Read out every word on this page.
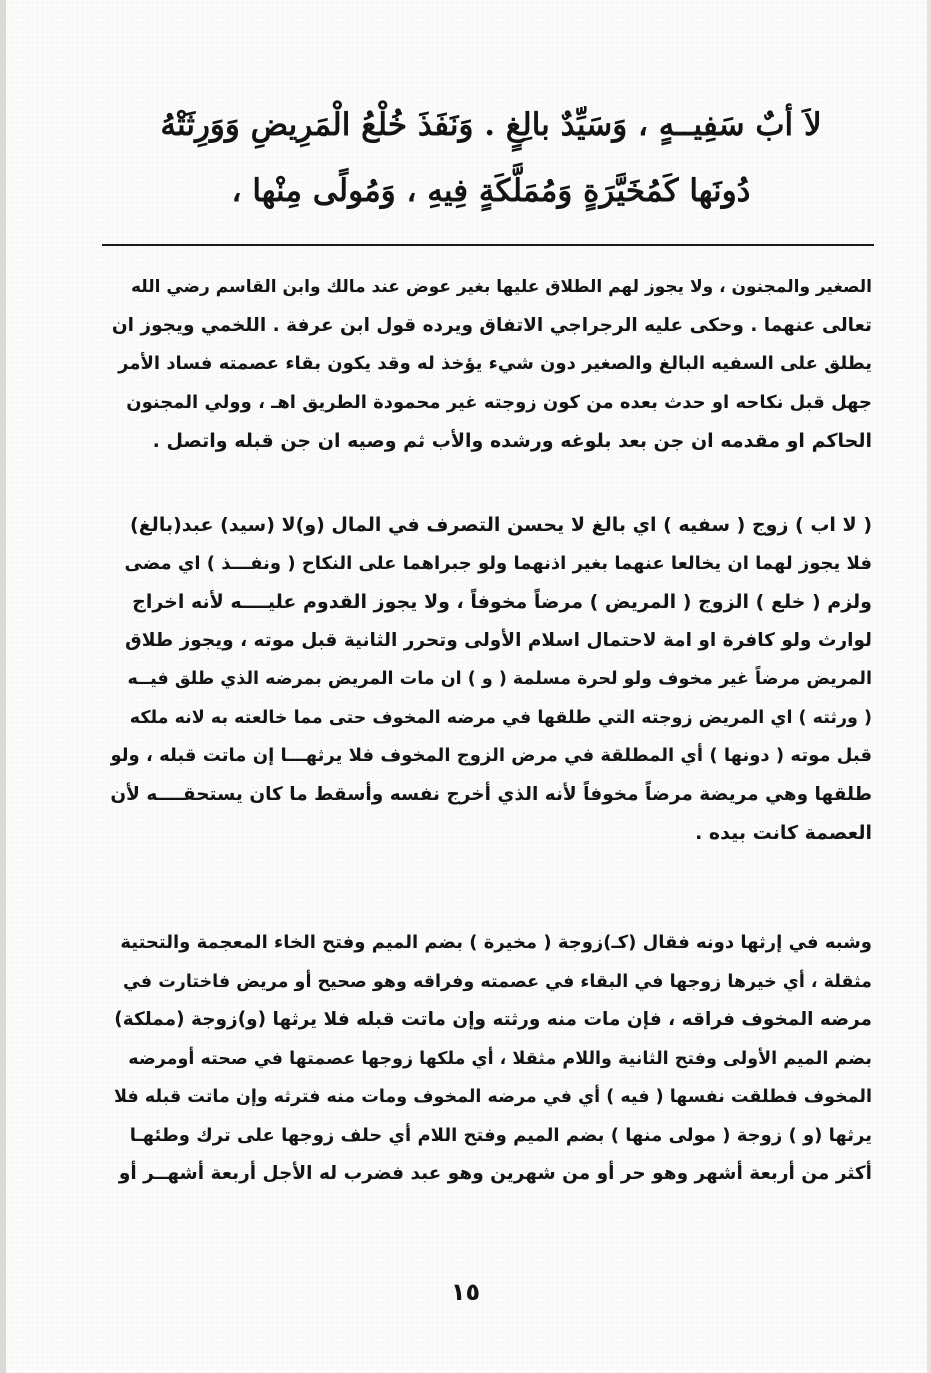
لاَ أبٌ سَفِيــهٍ ، وَسَيِّدٌ بالِغٍ . وَنَفَذَ خُلْعُ الْمَرِيضِ وَوَرِثَتْهُ
دُونَها كَمُخَيَّرَةٍ وَمُمَلَّكَةٍ فِيهِ ، وَمُولًى مِنْها ،
الصغير والمجنون ، ولا يجوز لهم الطلاق عليها بغير عوض عند مالك وابن القاسم رضي الله
تعالى عنهما . وحكى عليه الرجراجي الاتفاق ويرده قول ابن عرفة . اللخمي ويجوز ان
يطلق على السفيه البالغ والصغير دون شيء يؤخذ له وقد يكون بقاء عصمته فساد الأمر
جهل قبل نكاحه او حدث بعده من كون زوجته غير محمودة الطريق اهـ ، وولي المجنون
الحاكم او مقدمه ان جن بعد بلوغه ورشده والأب ثم وصيه ان جن قبله واتصل .
( لا اب ) زوج ( سفيه ) اي بالغ لا يحسن التصرف في المال (و)لا (سيد) عبد(بالغ)
فلا يجوز لهما ان يخالعا عنهما بغير اذنهما ولو جبراهما على النكاح ( ونفـــذ ) اي مضى
ولزم ( خلع ) الزوج ( المريض ) مرضاً مخوفاً ، ولا يجوز القدوم عليــــه لأنه اخراج
لوارث ولو كافرة او امة لاحتمال اسلام الأولى وتحرر الثانية قبل موته ، ويجوز طلاق
المريض مرضاً غير مخوف ولو لحرة مسلمة ( و ) ان مات المريض بمرضه الذي طلق فيــه
( ورثته ) اي المريض زوجته التي طلقها في مرضه المخوف حتى مما خالعته به لانه ملكه
قبل موته ( دونها ) أي المطلقة في مرض الزوج المخوف فلا يرثهـــا إن ماتت قبله ، ولو
طلقها وهي مريضة مرضاً مخوفاً لأنه الذي أخرج نفسه وأسقط ما كان يستحقــــه لأن
العصمة كانت بيده .
وشبه في إرثها دونه فقال (كـ)زوجة ( مخيرة ) بضم الميم وفتح الخاء المعجمة والتحتية
مثقلة ، أي خيرها زوجها في البقاء في عصمته وفراقه وهو صحيح أو مريض فاختارت في
مرضه المخوف فراقه ، فإن مات منه ورثته وإن ماتت قبله فلا يرثها (و)زوجة (مملكة)
بضم الميم الأولى وفتح الثانية واللام مثقلا ، أي ملكها زوجها عصمتها في صحته أومرضه
المخوف فطلقت نفسها ( فيه ) أي في مرضه المخوف ومات منه فترثه وإن ماتت قبله فلا
يرثها (و ) زوجة ( مولى منها ) بضم الميم وفتح اللام أي حلف زوجها على ترك وطئهـا
أكثر من أربعة أشهر وهو حر أو من شهرين وهو عبد فضرب له الأجل أربعة أشهــر أو
١٥
